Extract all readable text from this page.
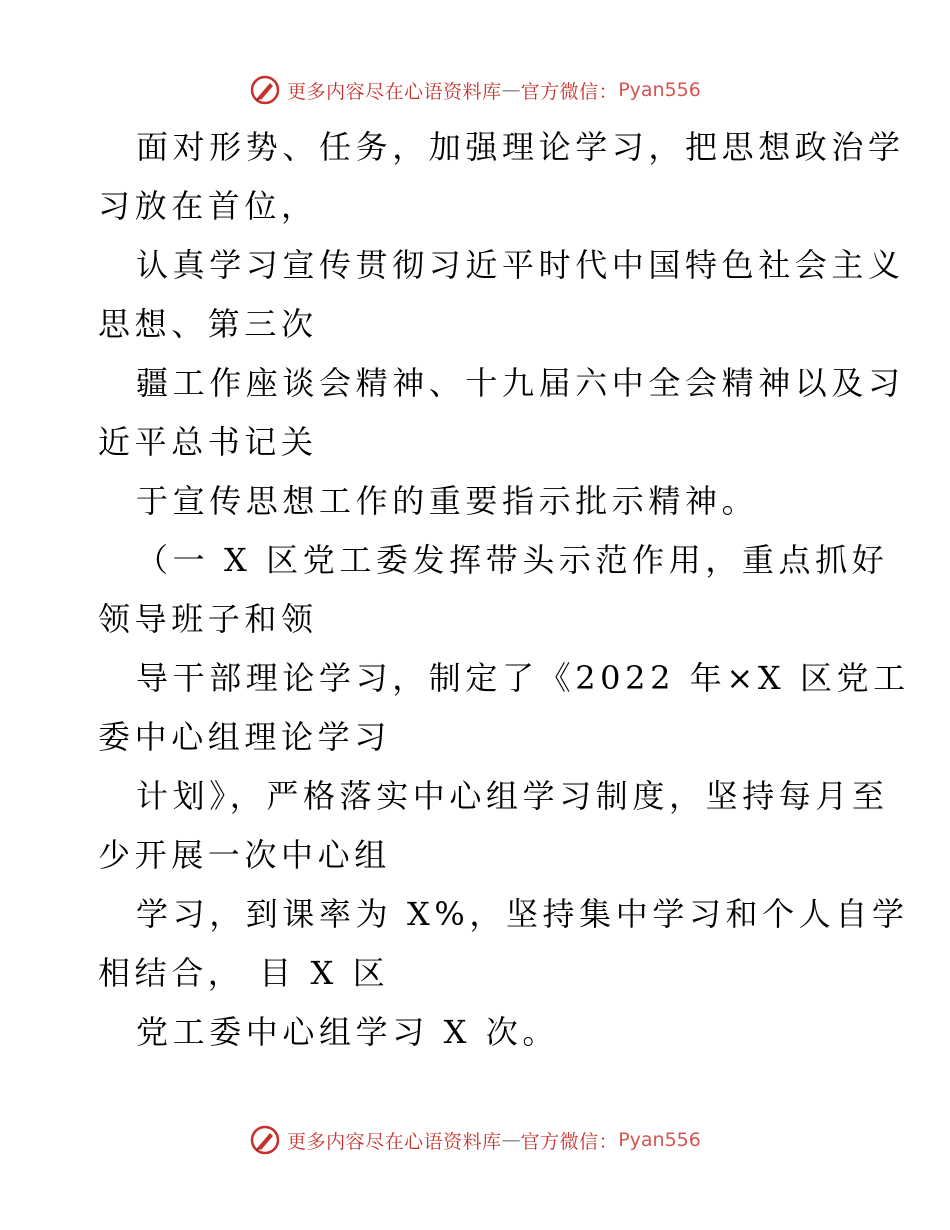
更多内容尽在心语资料库 — 官方微信： Pyan556
面对形势、任务，加强理论学习，把思想政治学
习放在首位，
认真学习宣传贯彻习近平时代中国特色社会主义
思想、第三次
疆工作座谈会精神、十九届六中全会精神以及习
近平总书记关
于宣传思想工作的重要指示批示精神。
（一 X 区党工委发挥带头示范作用，重点抓好
领导班子和领
导干部理论学习，制定了《2022 年×X 区党工
委中心组理论学习
计划》，严格落实中心组学习制度，坚持每月至
少开展一次中心组
学习，到课率为 X%，坚持集中学习和个人自学
相结合， 目 X 区
党工委中心组学习 X 次。
更多内容尽在心语资料库 — 官方微信： Pyan556
